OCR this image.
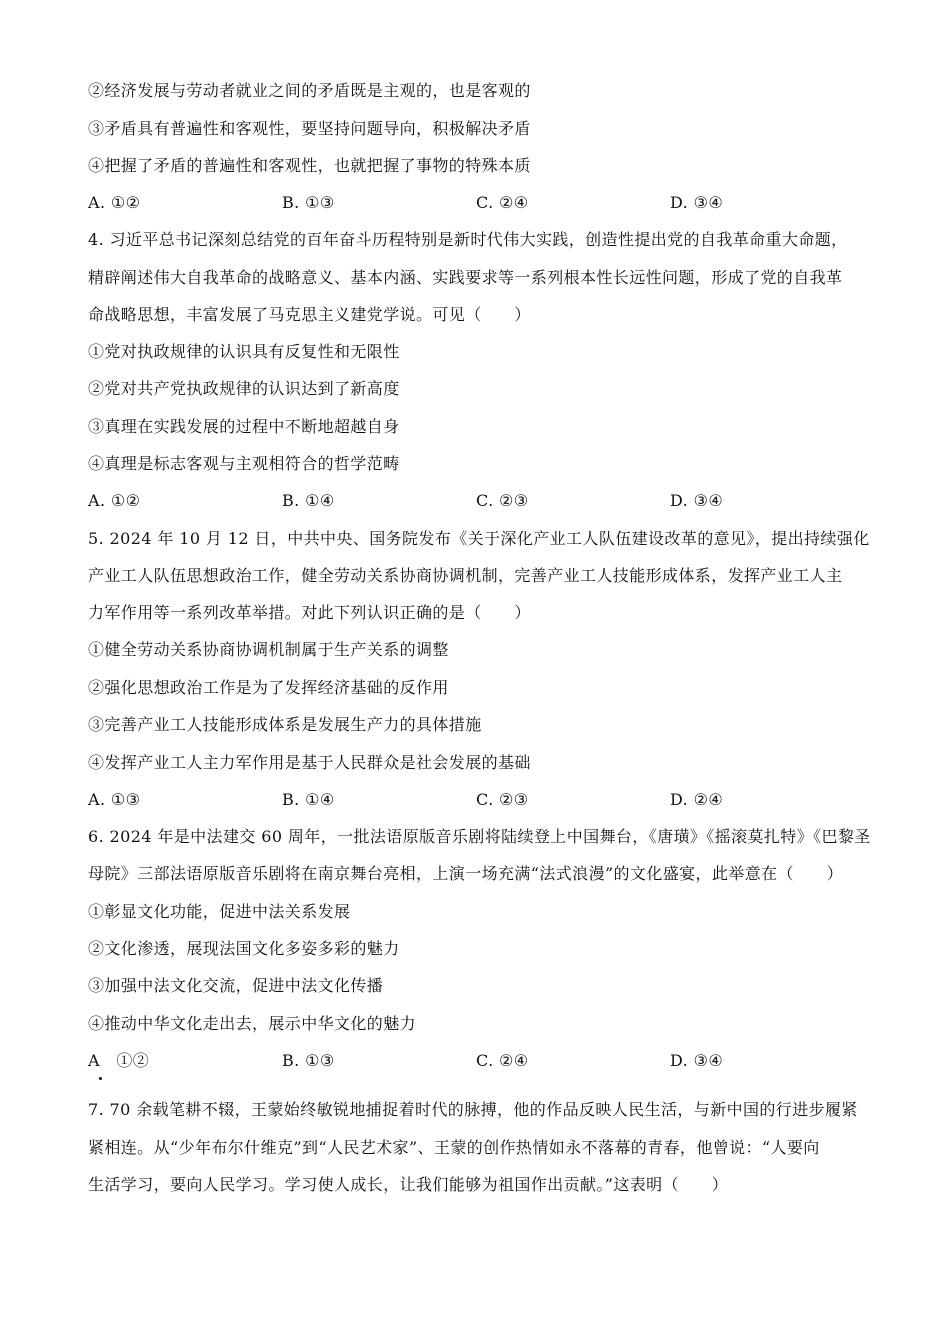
②经济发展与劳动者就业之间的矛盾既是主观的，也是客观的
③矛盾具有普遍性和客观性，要坚持问题导向，积极解决矛盾
④把握了矛盾的普遍性和客观性，也就把握了事物的特殊本质
A. ①②	B. ①③	C. ②④	D. ③④
4. 习近平总书记深刻总结党的百年奋斗历程特别是新时代伟大实践，创造性提出党的自我革命重大命题，
精辟阐述伟大自我革命的战略意义、基本内涵、实践要求等一系列根本性长远性问题，形成了党的自我革
命战略思想，丰富发展了马克思主义建党学说。可见（　　）
①党对执政规律的认识具有反复性和无限性
②党对共产党执政规律的认识达到了新高度
③真理在实践发展的过程中不断地超越自身
④真理是标志客观与主观相符合的哲学范畴
A. ①②	B. ①④	C. ②③	D. ③④
5. 2024 年 10 月 12 日，中共中央、国务院发布《关于深化产业工人队伍建设改革的意见》，提出持续强化
产业工人队伍思想政治工作，健全劳动关系协商协调机制，完善产业工人技能形成体系，发挥产业工人主
力军作用等一系列改革举措。对此下列认识正确的是（　　）
①健全劳动关系协商协调机制属于生产关系的调整
②强化思想政治工作是为了发挥经济基础的反作用
③完善产业工人技能形成体系是发展生产力的具体措施
④发挥产业工人主力军作用是基于人民群众是社会发展的基础
A. ①③	B. ①④	C. ②③	D. ②④
6. 2024 年是中法建交 60 周年，一批法语原版音乐剧将陆续登上中国舞台，《唐璜》《摇滚莫扎特》《巴黎圣
母院》三部法语原版音乐剧将在南京舞台亮相，上演一场充满“法式浪漫”的文化盛宴，此举意在（　　）
①彰显文化功能，促进中法关系发展
②文化渗透，展现法国文化多姿多彩的魅力
③加强中法文化交流，促进中法文化传播
④推动中华文化走出去，展示中华文化的魅力
A　①②	B. ①③	C. ②④	D. ③④
7. 70 余载笔耕不辍，王蒙始终敏锐地捕捉着时代的脉搏，他的作品反映人民生活，与新中国的行进步履紧
紧相连。从“少年布尔什维克”到“人民艺术家”、王蒙的创作热情如永不落幕的青春，他曾说：“人要向
生活学习，要向人民学习。学习使人成长，让我们能够为祖国作出贡献。”这表明（　　）
